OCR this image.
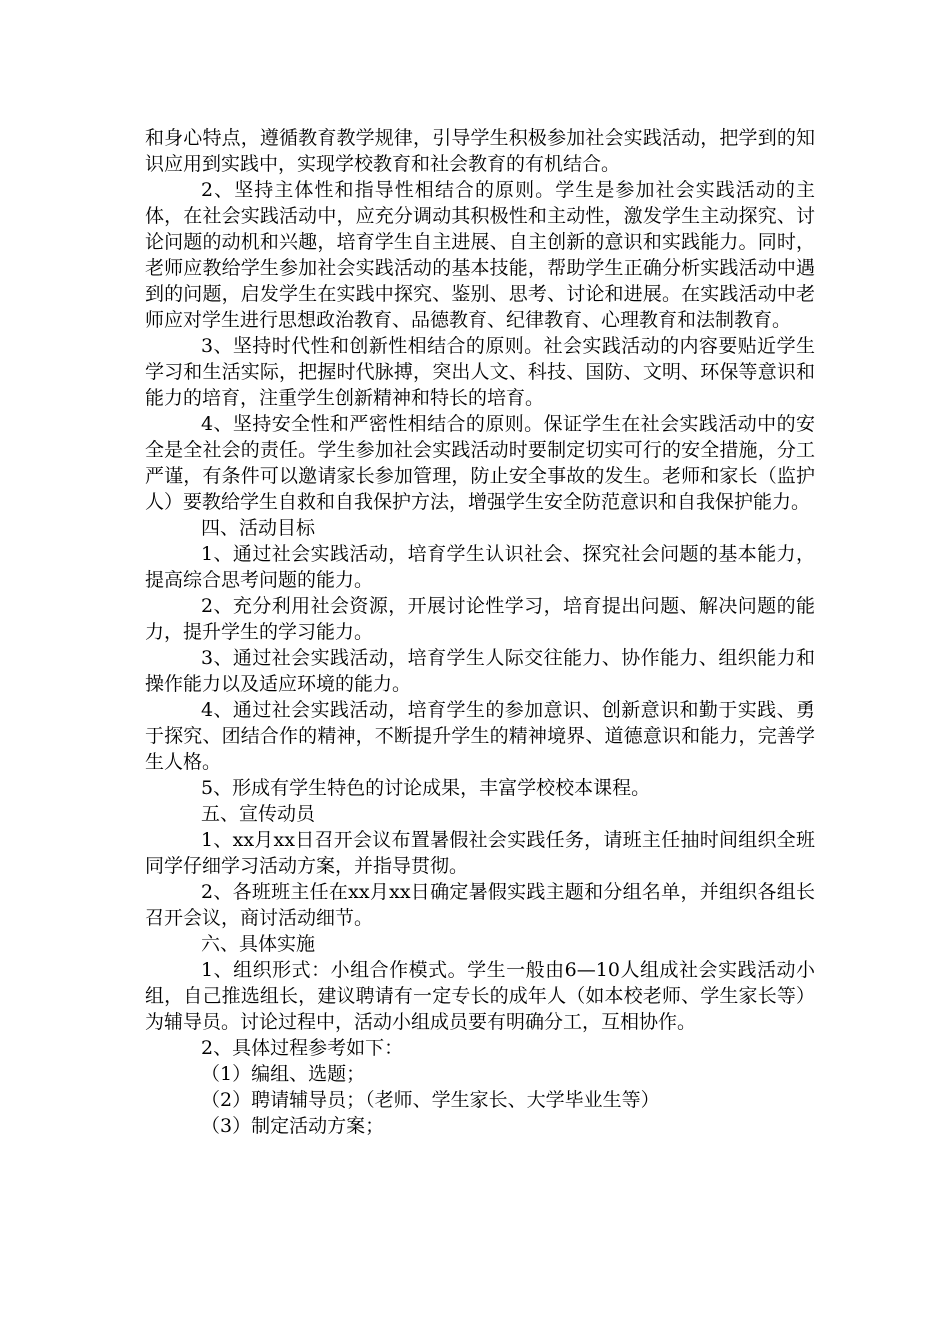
和身心特点，遵循教育教学规律，引导学生积极参加社会实践活动，把学到的知识应用到实践中，实现学校教育和社会教育的有机结合。

2、坚持主体性和指导性相结合的原则。学生是参加社会实践活动的主体，在社会实践活动中，应充分调动其积极性和主动性，激发学生主动探究、讨论问题的动机和兴趣，培育学生自主进展、自主创新的意识和实践能力。同时，老师应教给学生参加社会实践活动的基本技能，帮助学生正确分析实践活动中遇到的问题，启发学生在实践中探究、鉴别、思考、讨论和进展。在实践活动中老师应对学生进行思想政治教育、品德教育、纪律教育、心理教育和法制教育。

3、坚持时代性和创新性相结合的原则。社会实践活动的内容要贴近学生学习和生活实际，把握时代脉搏，突出人文、科技、国防、文明、环保等意识和能力的培育，注重学生创新精神和特长的培育。

4、坚持安全性和严密性相结合的原则。保证学生在社会实践活动中的安全是全社会的责任。学生参加社会实践活动时要制定切实可行的安全措施，分工严谨，有条件可以邀请家长参加管理，防止安全事故的发生。老师和家长（监护人）要教给学生自救和自我保护方法，增强学生安全防范意识和自我保护能力。

四、活动目标

1、通过社会实践活动，培育学生认识社会、探究社会问题的基本能力，提高综合思考问题的能力。

2、充分利用社会资源，开展讨论性学习，培育提出问题、解决问题的能力，提升学生的学习能力。

3、通过社会实践活动，培育学生人际交往能力、协作能力、组织能力和操作能力以及适应环境的能力。

4、通过社会实践活动，培育学生的参加意识、创新意识和勤于实践、勇于探究、团结合作的精神，不断提升学生的精神境界、道德意识和能力，完善学生人格。

5、形成有学生特色的讨论成果，丰富学校校本课程。

五、宣传动员

1、xx月xx日召开会议布置暑假社会实践任务，请班主任抽时间组织全班同学仔细学习活动方案，并指导贯彻。

2、各班班主任在xx月xx日确定暑假实践主题和分组名单，并组织各组长召开会议，商讨活动细节。

六、具体实施

1、组织形式：小组合作模式。学生一般由6—10人组成社会实践活动小组，自己推选组长，建议聘请有一定专长的成年人（如本校老师、学生家长等）为辅导员。讨论过程中，活动小组成员要有明确分工，互相协作。

2、具体过程参考如下：

（1）编组、选题；

（2）聘请辅导员；（老师、学生家长、大学毕业生等）

（3）制定活动方案；
